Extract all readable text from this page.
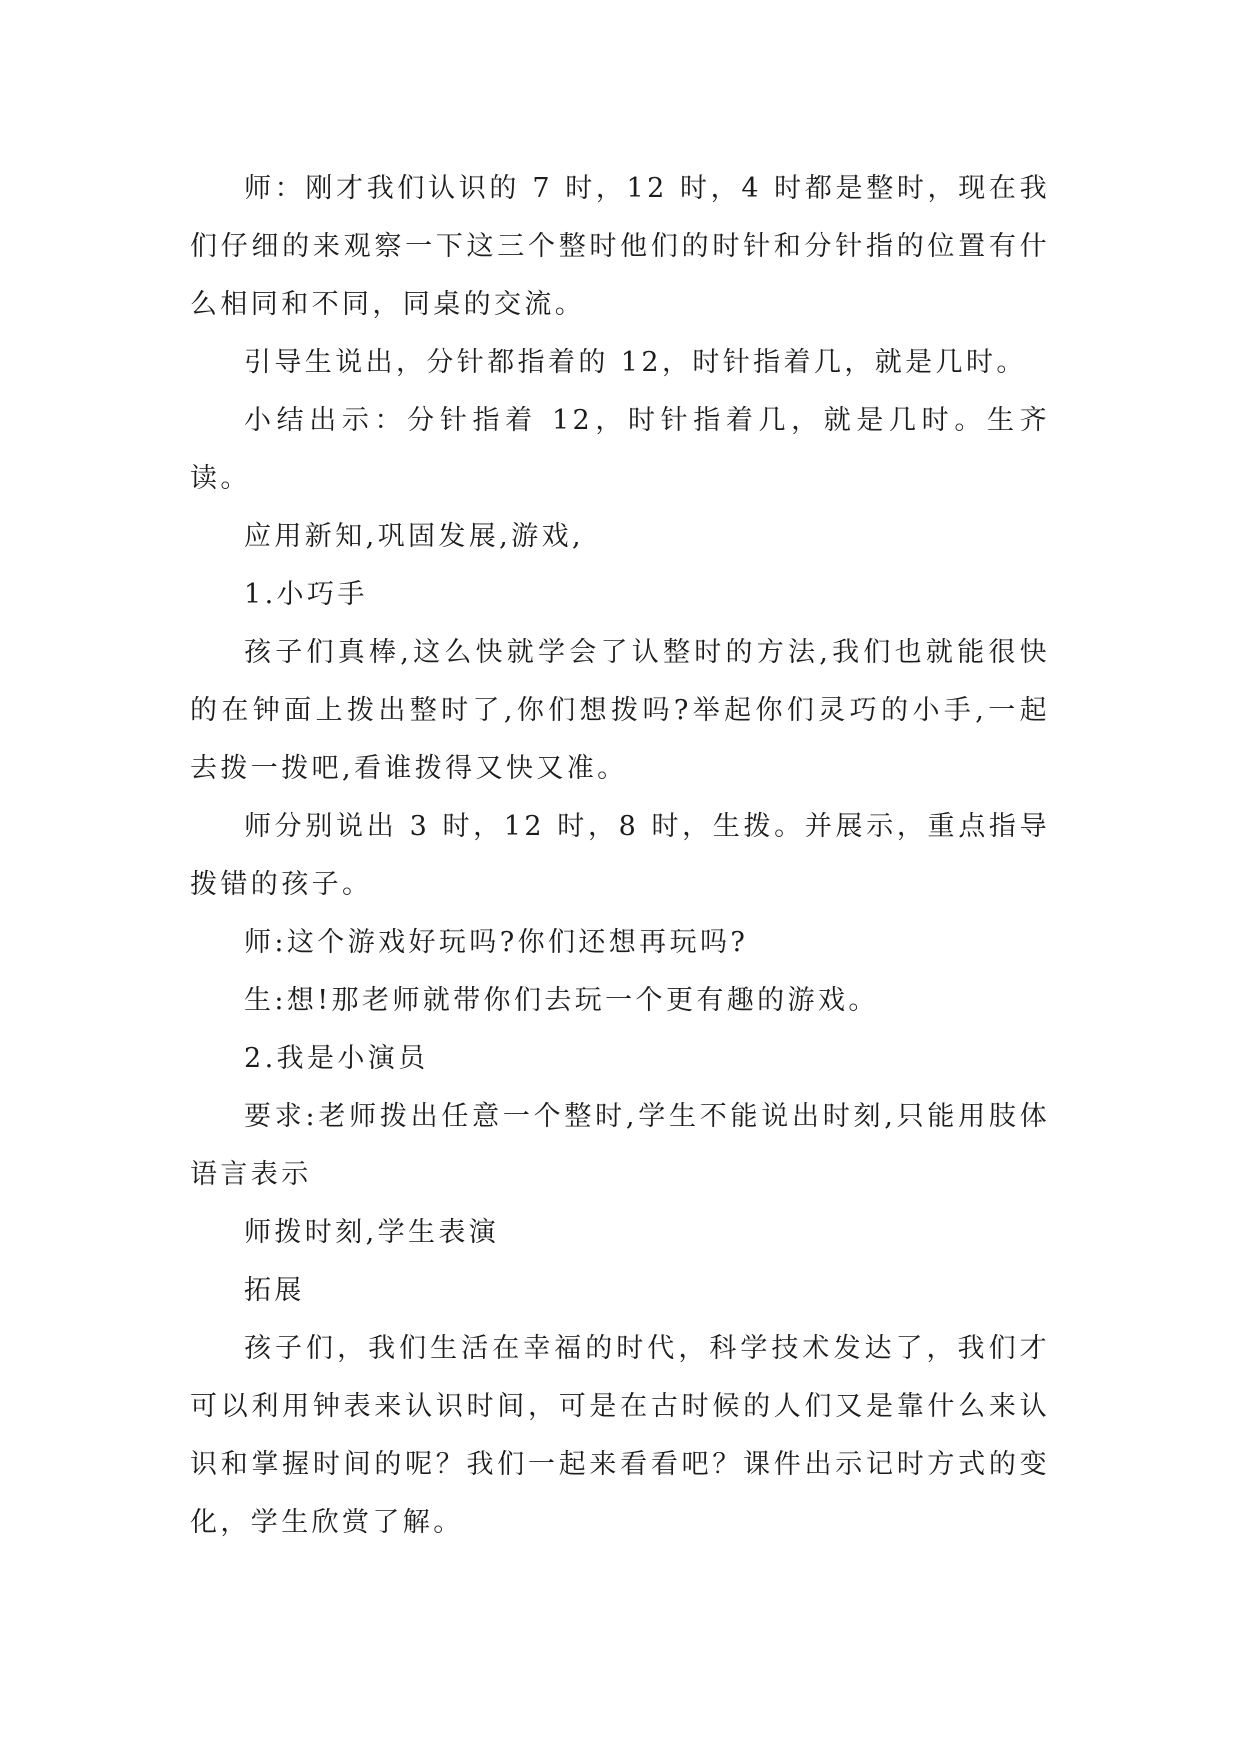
师：刚才我们认识的 7 时，12 时，4 时都是整时，现在我们仔细的来观察一下这三个整时他们的时针和分针指的位置有什么相同和不同，同桌的交流。

引导生说出，分针都指着的 12，时针指着几，就是几时。

小结出示：分针指着 12，时针指着几，就是几时。生齐读。

应用新知,巩固发展,游戏,

1.小巧手

孩子们真棒,这么快就学会了认整时的方法,我们也就能很快的在钟面上拨出整时了,你们想拨吗?举起你们灵巧的小手,一起去拨一拨吧,看谁拨得又快又准。

师分别说出 3 时，12 时，8 时，生拨。并展示，重点指导拨错的孩子。

师:这个游戏好玩吗?你们还想再玩吗?

生:想!那老师就带你们去玩一个更有趣的游戏。

2.我是小演员

要求:老师拨出任意一个整时,学生不能说出时刻,只能用肢体语言表示

师拨时刻,学生表演

拓展

孩子们，我们生活在幸福的时代，科学技术发达了，我们才可以利用钟表来认识时间，可是在古时候的人们又是靠什么来认识和掌握时间的呢？我们一起来看看吧？课件出示记时方式的变化，学生欣赏了解。
